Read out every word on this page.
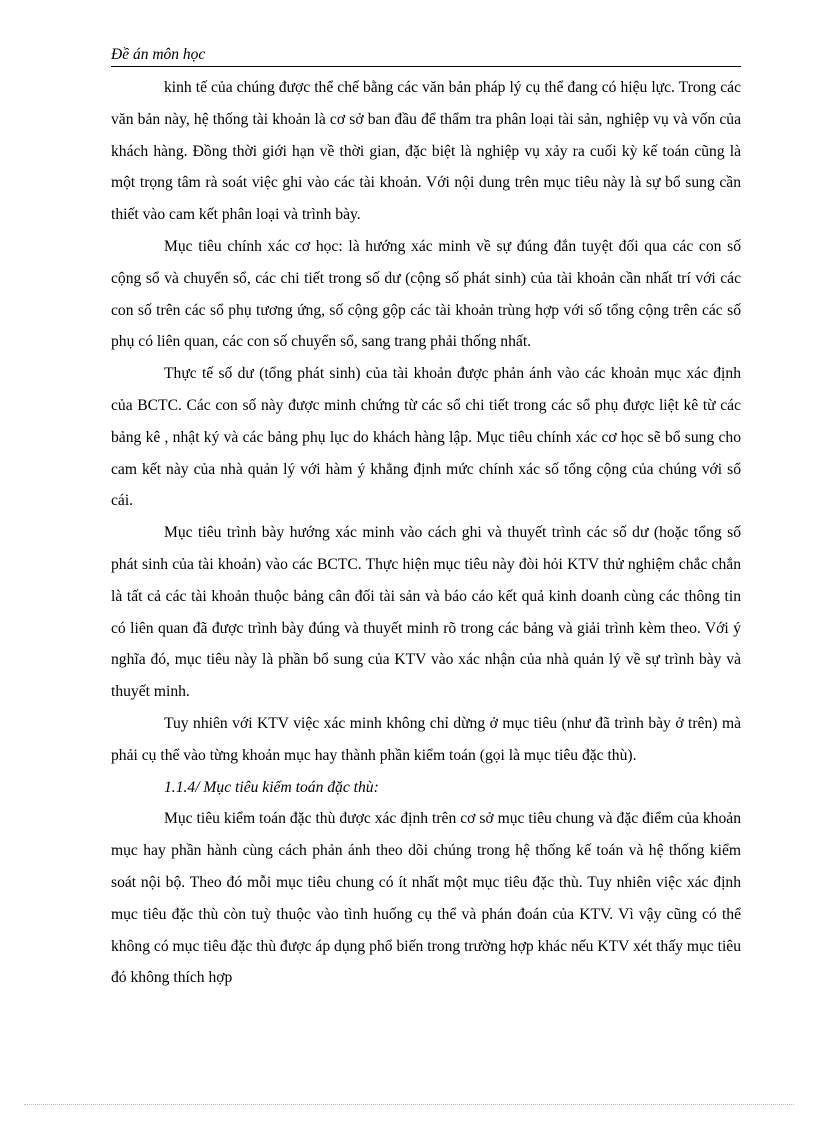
Đề án môn học

kinh tế của chúng được thể chế bằng các văn bản pháp lý cụ thể đang có hiệu lực. Trong các văn bản này, hệ thống tài khoản là cơ sở ban đầu để thẩm tra phân loại tài sản, nghiệp vụ và vốn của khách hàng. Đồng thời giới hạn về thời gian, đặc biệt là nghiệp vụ xảy ra cuối kỳ kế toán cũng là một trọng tâm rà soát việc ghi vào các tài khoản. Với nội dung trên mục tiêu này là sự bổ sung cần thiết vào cam kết phân loại và trình bày.

Mục tiêu chính xác cơ học: là hướng xác minh về sự đúng đắn tuyệt đối qua các con số cộng sổ và chuyển sổ, các chi tiết trong số dư (cộng số phát sinh) của tài khoản cần nhất trí với các con số trên các sổ phụ tương ứng, số cộng gộp các tài khoản trùng hợp với số tổng cộng trên các số phụ có liên quan, các con số chuyển sổ, sang trang phải thống nhất.

Thực tế số dư (tổng phát sinh) của tài khoản được phản ánh vào các khoản mục xác định của BCTC. Các con số này được minh chứng từ các sổ chi tiết trong các sổ phụ được liệt kê từ các bảng kê , nhật ký và các bảng phụ lục do khách hàng lập. Mục tiêu chính xác cơ học sẽ bổ sung cho cam kết này của nhà quản lý với hàm ý khẳng định mức chính xác số tổng cộng của chúng với sổ cái.

Mục tiêu trình bày hướng xác minh vào cách ghi và thuyết trình các số dư (hoặc tổng số phát sinh của tài khoản) vào các BCTC. Thực hiện mục tiêu này đòi hỏi KTV thử nghiệm chắc chắn là tất cả các tài khoản thuộc bảng cân đối tài sản và báo cáo kết quả kinh doanh cùng các thông tin có liên quan đã được trình bày đúng và thuyết minh rõ trong các bảng và giải trình kèm theo. Với ý nghĩa đó, mục tiêu này là phần bổ sung của KTV vào xác nhận của nhà quản lý về sự trình bày và thuyết minh.

Tuy nhiên với KTV việc xác minh không chỉ dừng ở mục tiêu (như đã trình bày ở trên) mà phải cụ thể vào từng khoản mục hay thành phần kiểm toán (gọi là mục tiêu đặc thù).

1.1.4/ Mục tiêu kiểm toán đặc thù:

Mục tiêu kiểm toán đặc thù được xác định trên cơ sở mục tiêu chung và đặc điểm của khoản mục hay phần hành cùng cách phản ánh theo dõi chúng trong hệ thống kế toán và hệ thống kiểm soát nội bộ. Theo đó mỗi mục tiêu chung có ít nhất một mục tiêu đặc thù. Tuy nhiên việc xác định mục tiêu đặc thù còn tuỳ thuộc vào tình huống cụ thể và phán đoán của KTV. Vì vậy cũng có thể không có mục tiêu đặc thù được áp dụng phổ biến trong trường hợp khác nếu KTV xét thấy mục tiêu đó không thích hợp
